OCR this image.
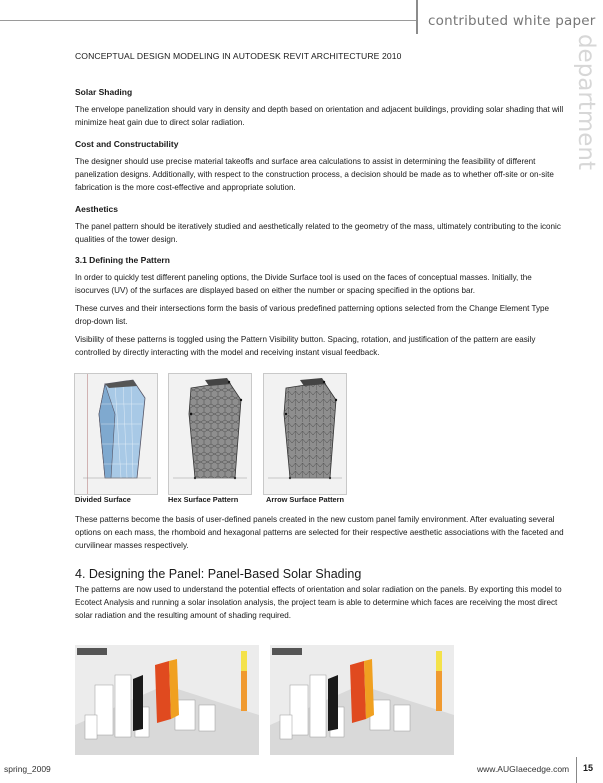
contributed white paper
department
CONCEPTUAL DESIGN MODELING IN AUTODESK REVIT ARCHITECTURE 2010

Solar Shading

The envelope panelization should vary in density and depth based on orientation and adjacent buildings, providing solar shading that will minimize heat gain due to direct solar radiation.

Cost and Constructability

The designer should use precise material takeoffs and surface area calculations to assist in determining the feasibility of different panelization designs. Additionally, with respect to the construction process, a decision should be made as to whether off-site or on-site fabrication is the more cost-effective and appropriate solution.

Aesthetics

The panel pattern should be iteratively studied and aesthetically related to the geometry of the mass, ultimately contributing to the iconic qualities of the tower design.

3.1 Defining the Pattern

In order to quickly test different paneling options, the Divide Surface tool is used on the faces of conceptual masses. Initially, the isocurves (UV) of the surfaces are displayed based on either the number or spacing specified in the options bar.

These curves and their intersections form the basis of various predefined patterning options selected from the Change Element Type drop-down list.

Visibility of these patterns is toggled using the Pattern Visibility button. Spacing, rotation, and justification of the pattern are easily controlled by directly interacting with the model and receiving instant visual feedback.

Divided Surface	Hex Surface Pattern	Arrow Surface Pattern

These patterns become the basis of user-defined panels created in the new custom panel family environment. After evaluating several options on each mass, the rhomboid and hexagonal patterns are selected for their respective aesthetic associations with the faceted and curvilinear masses respectively.

4. Designing the Panel: Panel-Based Solar Shading

The patterns are now used to understand the potential effects of orientation and solar radiation on the panels. By exporting this model to Ecotect Analysis and running a solar insolation analysis, the project team is able to determine which faces are receiving the most direct solar radiation and the resulting amount of shading required.

spring_2009	www.AUGIaecedge.com 15
